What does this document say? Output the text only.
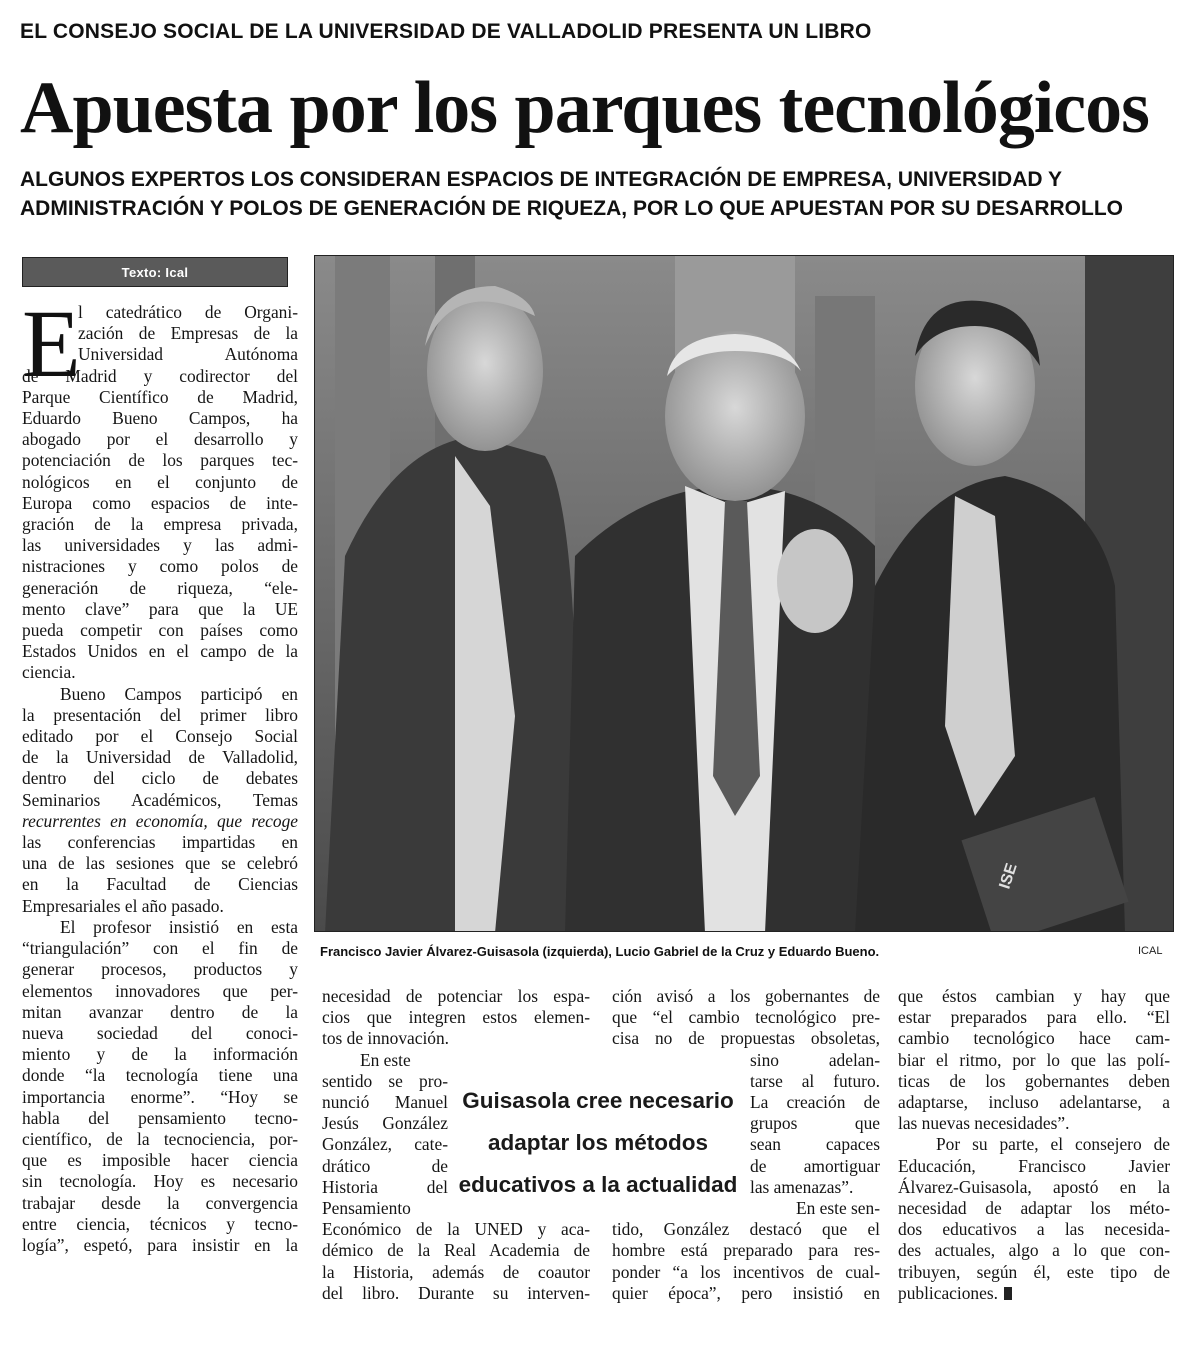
EL CONSEJO SOCIAL DE LA UNIVERSIDAD DE VALLADOLID PRESENTA UN LIBRO
Apuesta por los parques tecnológicos
ALGUNOS EXPERTOS LOS CONSIDERAN ESPACIOS DE INTEGRACIÓN DE EMPRESA, UNIVERSIDAD Y
ADMINISTRACIÓN Y POLOS DE GENERACIÓN DE RIQUEZA, POR LO QUE APUESTAN POR SU DESARROLLO
Texto: Ical
E
l catedrático de Organi-
zación de Empresas de la
Universidad Autónoma
de Madrid y codirector del
Parque Científico de Madrid,
Eduardo Bueno Campos, ha
abogado por el desarrollo y
potenciación de los parques tec-
nológicos en el conjunto de
Europa como espacios de inte-
gración de la empresa privada,
las universidades y las admi-
nistraciones y como polos de
generación de riqueza, “ele-
mento clave” para que la UE
pueda competir con países como
Estados Unidos en el campo de la
ciencia.
Bueno Campos participó en
la presentación del primer libro
editado por el Consejo Social
de la Universidad de Valladolid,
dentro del ciclo de debates
Seminarios Académicos, Temas
recurrentes en economía, que recoge
las conferencias impartidas en
una de las sesiones que se celebró
en la Facultad de Ciencias
Empresariales el año pasado.
El profesor insistió en esta
“triangulación” con el fin de
generar procesos, productos y
elementos innovadores que per-
mitan avanzar dentro de la
nueva sociedad del conoci-
miento y de la información
donde “la tecnología tiene una
importancia enorme”. “Hoy se
habla del pensamiento tecno-
científico, de la tecnociencia, por-
que es imposible hacer ciencia
sin tecnología. Hoy es necesario
trabajar desde la convergencia
entre ciencia, técnicos y tecno-
logía”, espetó, para insistir en la
ISE
Francisco Javier Álvarez-Guisasola (izquierda), Lucio Gabriel de la Cruz y Eduardo Bueno.	ICAL
necesidad de potenciar los espa-
cios que integren estos elemen-
tos de innovación.
En este
sentido se pro-
nunció Manuel
Jesús González
González, cate-
drático de
Historia del
Pensamiento
Económico de la UNED y aca-
démico de la Real Academia de
la Historia, además de coautor
del libro. Durante su interven-
ción avisó a los gobernantes de
que “el cambio tecnológico pre-
cisa no de propuestas obsoletas,
sino adelan-
tarse al futuro.
La creación de
grupos que
sean capaces
de amortiguar
las amenazas”.
En este sen-
tido, González destacó que el
hombre está preparado para res-
ponder “a los incentivos de cual-
quier época”, pero insistió en
que éstos cambian y hay que
estar preparados para ello. “El
cambio tecnológico hace cam-
biar el ritmo, por lo que las polí-
ticas de los gobernantes deben
adaptarse, incluso adelantarse, a
las nuevas necesidades”.
Por su parte, el consejero de
Educación, Francisco Javier
Álvarez-Guisasola, apostó en la
necesidad de adaptar los méto-
dos educativos a las necesida-
des actuales, algo a lo que con-
tribuyen, según él, este tipo de
publicaciones.
Guisasola cree necesario
adaptar los métodos
educativos a la actualidad
